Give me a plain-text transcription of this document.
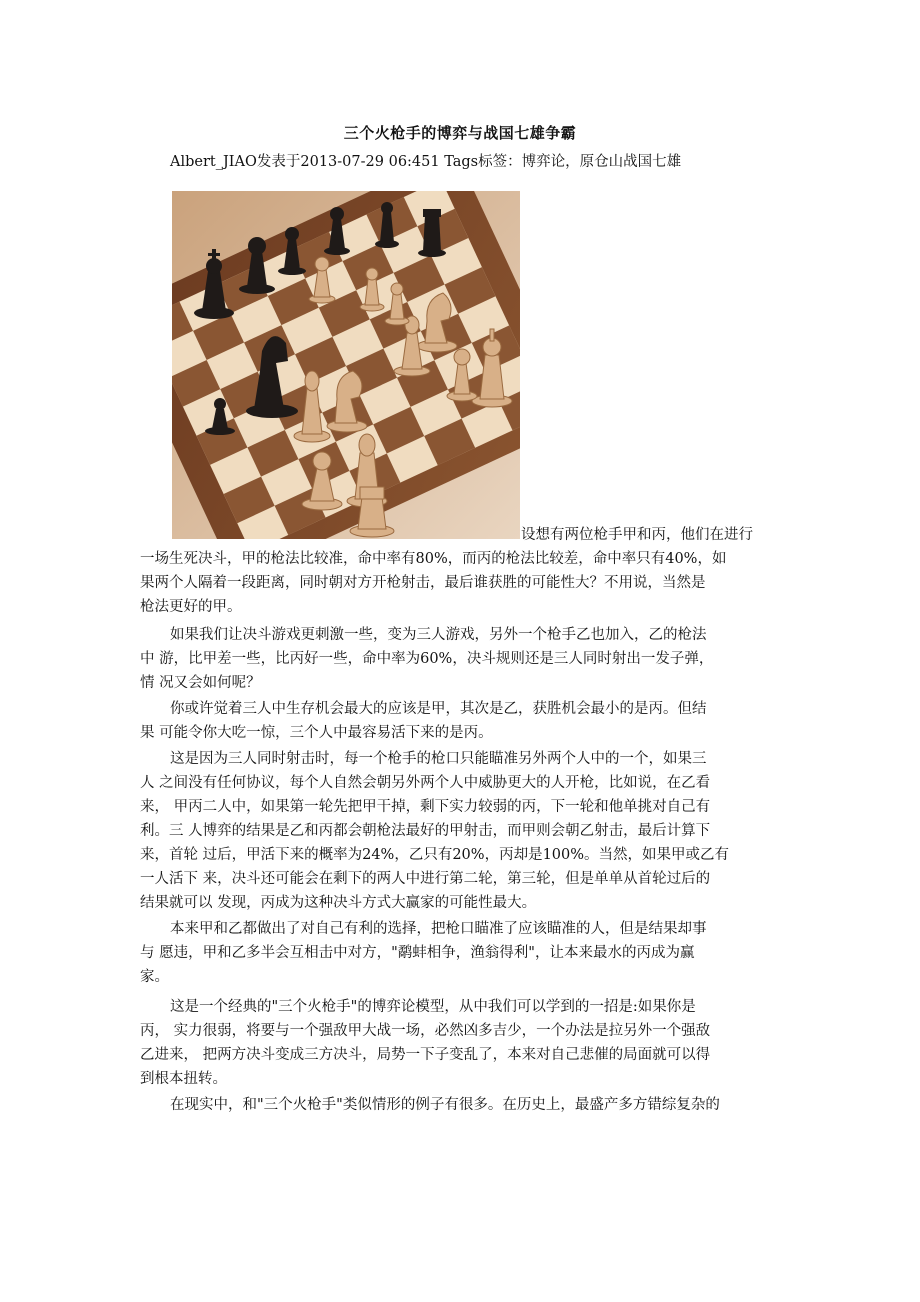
三个火枪手的博弈与战国七雄争霸
Albert_JIAO发表于2013-07-29 06:451 Tags标签：博弈论，原仓山战国七雄
设想有两位枪手甲和丙，他们在进行
一场生死决斗，甲的枪法比较准，命中率有80%，而丙的枪法比较差，命中率只有40%，如
果两个人隔着一段距离，同时朝对方开枪射击，最后谁获胜的可能性大？不用说，当然是
枪法更好的甲。
如果我们让决斗游戏更刺激一些，变为三人游戏，另外一个枪手乙也加入，乙的枪法
中 游，比甲差一些，比丙好一些，命中率为60%，决斗规则还是三人同时射出一发子弹，
情 况又会如何呢？
你或许觉着三人中生存机会最大的应该是甲，其次是乙，获胜机会最小的是丙。但结
果 可能令你大吃一惊，三个人中最容易活下来的是丙。
这是因为三人同时射击时，每一个枪手的枪口只能瞄准另外两个人中的一个，如果三
人 之间没有任何协议，每个人自然会朝另外两个人中威胁更大的人开枪，比如说，在乙看
来， 甲丙二人中，如果第一轮先把甲干掉，剩下实力较弱的丙，下一轮和他单挑对自己有
利。三 人博弈的结果是乙和丙都会朝枪法最好的甲射击，而甲则会朝乙射击，最后计算下
来，首轮 过后，甲活下来的概率为24%，乙只有20%，丙却是100%。当然，如果甲或乙有
一人活下 来，决斗还可能会在剩下的两人中进行第二轮，第三轮，但是单单从首轮过后的
结果就可以 发现，丙成为这种决斗方式大赢家的可能性最大。
本来甲和乙都做出了对自己有利的选择，把枪口瞄准了应该瞄准的人，但是结果却事
与 愿违，甲和乙多半会互相击中对方，"鹬蚌相争，渔翁得利"，让本来最水的丙成为赢
家。
这是一个经典的"三个火枪手"的博弈论模型，从中我们可以学到的一招是:如果你是
丙， 实力很弱，将要与一个强敌甲大战一场，必然凶多吉少，一个办法是拉另外一个强敌
乙进来， 把两方决斗变成三方决斗，局势一下子变乱了，本来对自己悲催的局面就可以得
到根本扭转。
在现实中，和"三个火枪手"类似情形的例子有很多。在历史上，最盛产多方错综复杂的
